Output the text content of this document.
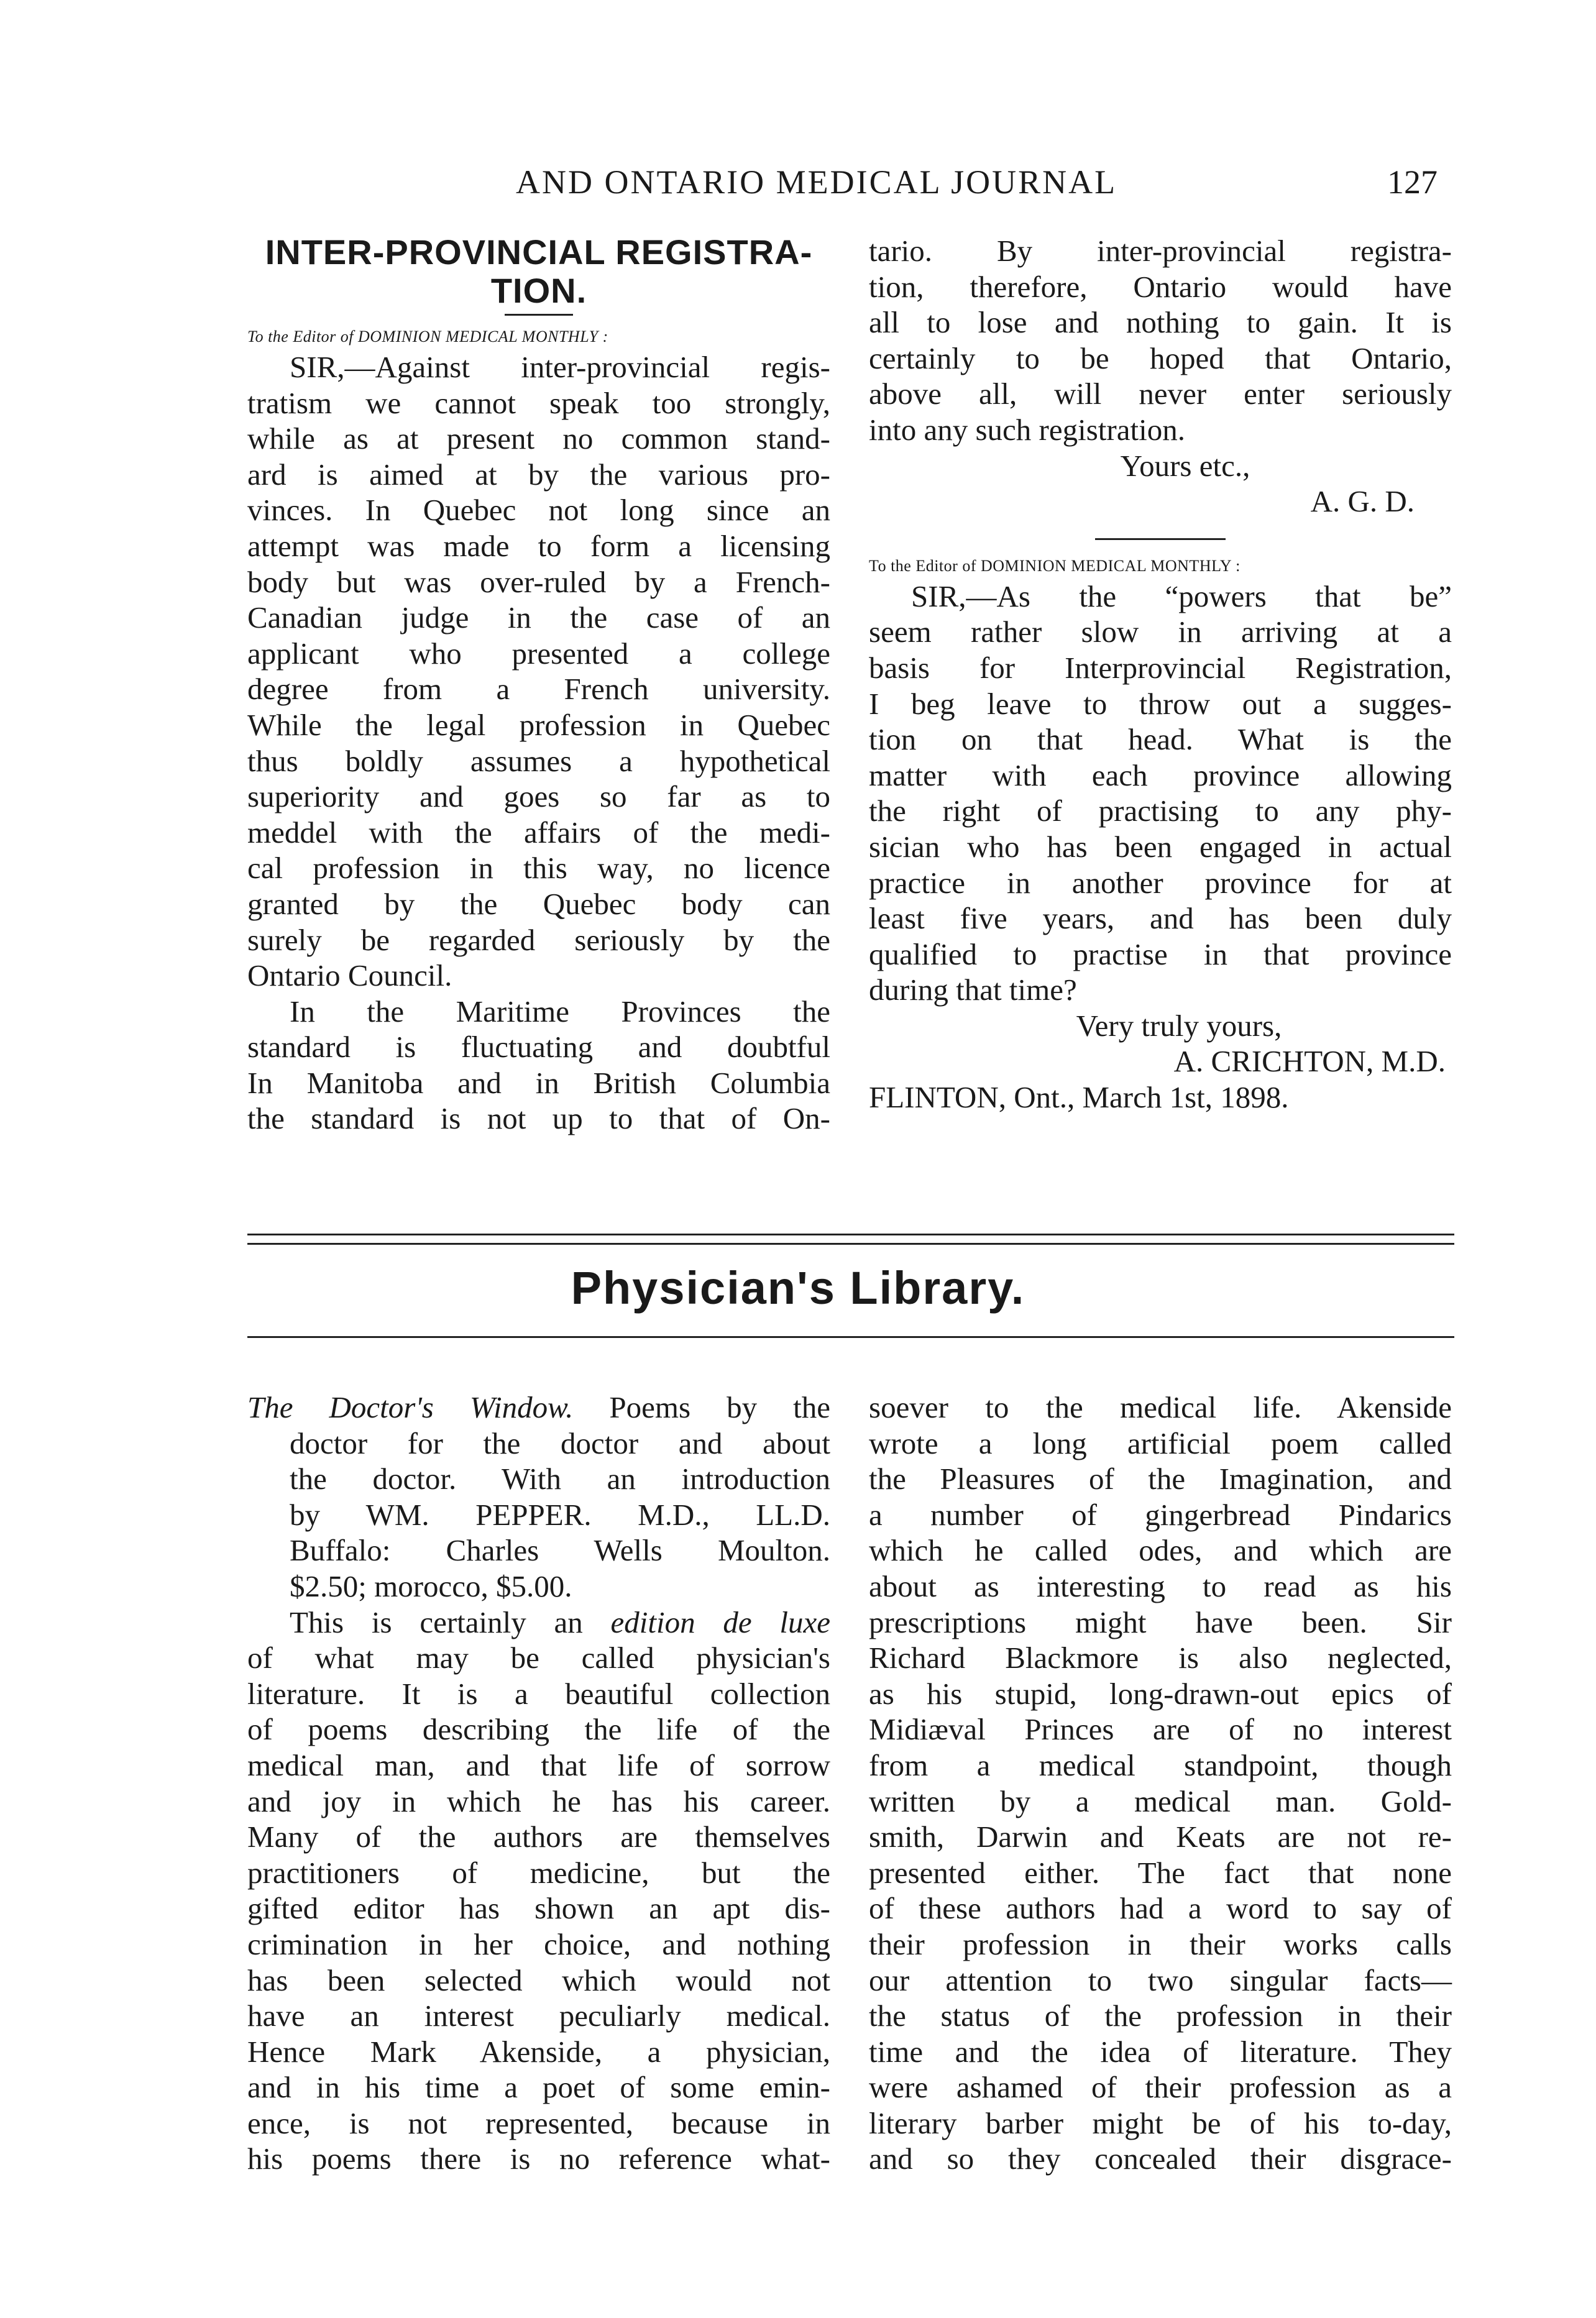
AND ONTARIO MEDICAL JOURNAL	127
INTER-PROVINCIAL REGISTRA-
TION.
To the Editor of DOMINION MEDICAL MONTHLY :
SIR,—Against inter-provincial regis-
tratism we cannot speak too strongly,
while as at present no common stand-
ard is aimed at by the various pro-
vinces. In Quebec not long since an
attempt was made to form a licensing
body but was over-ruled by a French-
Canadian judge in the case of an
applicant who presented a college
degree from a French university.
While the legal profession in Quebec
thus boldly assumes a hypothetical
superiority and goes so far as to
meddel with the affairs of the medi-
cal profession in this way, no licence
granted by the Quebec body can
surely be regarded seriously by the
Ontario Council.
In the Maritime Provinces the
standard is fluctuating and doubtful
In Manitoba and in British Columbia
the standard is not up to that of On-
tario. By inter-provincial registra-
tion, therefore, Ontario would have
all to lose and nothing to gain. It is
certainly to be hoped that Ontario,
above all, will never enter seriously
into any such registration.
Yours etc.,
A. G. D.
To the Editor of DOMINION MEDICAL MONTHLY :
SIR,—As the “powers that be”
seem rather slow in arriving at a
basis for Interprovincial Registration,
I beg leave to throw out a sugges-
tion on that head. What is the
matter with each province allowing
the right of practising to any phy-
sician who has been engaged in actual
practice in another province for at
least five years, and has been duly
qualified to practise in that province
during that time?
Very truly yours,
A. CRICHTON, M.D.
FLINTON, Ont., March 1st, 1898.
Physician's Library.
The Doctor's Window. Poems by the
doctor for the doctor and about
the doctor. With an introduction
by WM. PEPPER. M.D., LL.D.
Buffalo: Charles Wells Moulton.
$2.50; morocco, $5.00.
This is certainly an edition de luxe
of what may be called physician's
literature. It is a beautiful collection
of poems describing the life of the
medical man, and that life of sorrow
and joy in which he has his career.
Many of the authors are themselves
practitioners of medicine, but the
gifted editor has shown an apt dis-
crimination in her choice, and nothing
has been selected which would not
have an interest peculiarly medical.
Hence Mark Akenside, a physician,
and in his time a poet of some emin-
ence, is not represented, because in
his poems there is no reference what-
soever to the medical life. Akenside
wrote a long artificial poem called
the Pleasures of the Imagination, and
a number of gingerbread Pindarics
which he called odes, and which are
about as interesting to read as his
prescriptions might have been. Sir
Richard Blackmore is also neglected,
as his stupid, long-drawn-out epics of
Midiæval Princes are of no interest
from a medical standpoint, though
written by a medical man. Gold-
smith, Darwin and Keats are not re-
presented either. The fact that none
of these authors had a word to say of
their profession in their works calls
our attention to two singular facts—
the status of the profession in their
time and the idea of literature. They
were ashamed of their profession as a
literary barber might be of his to-day,
and so they concealed their disgrace-
